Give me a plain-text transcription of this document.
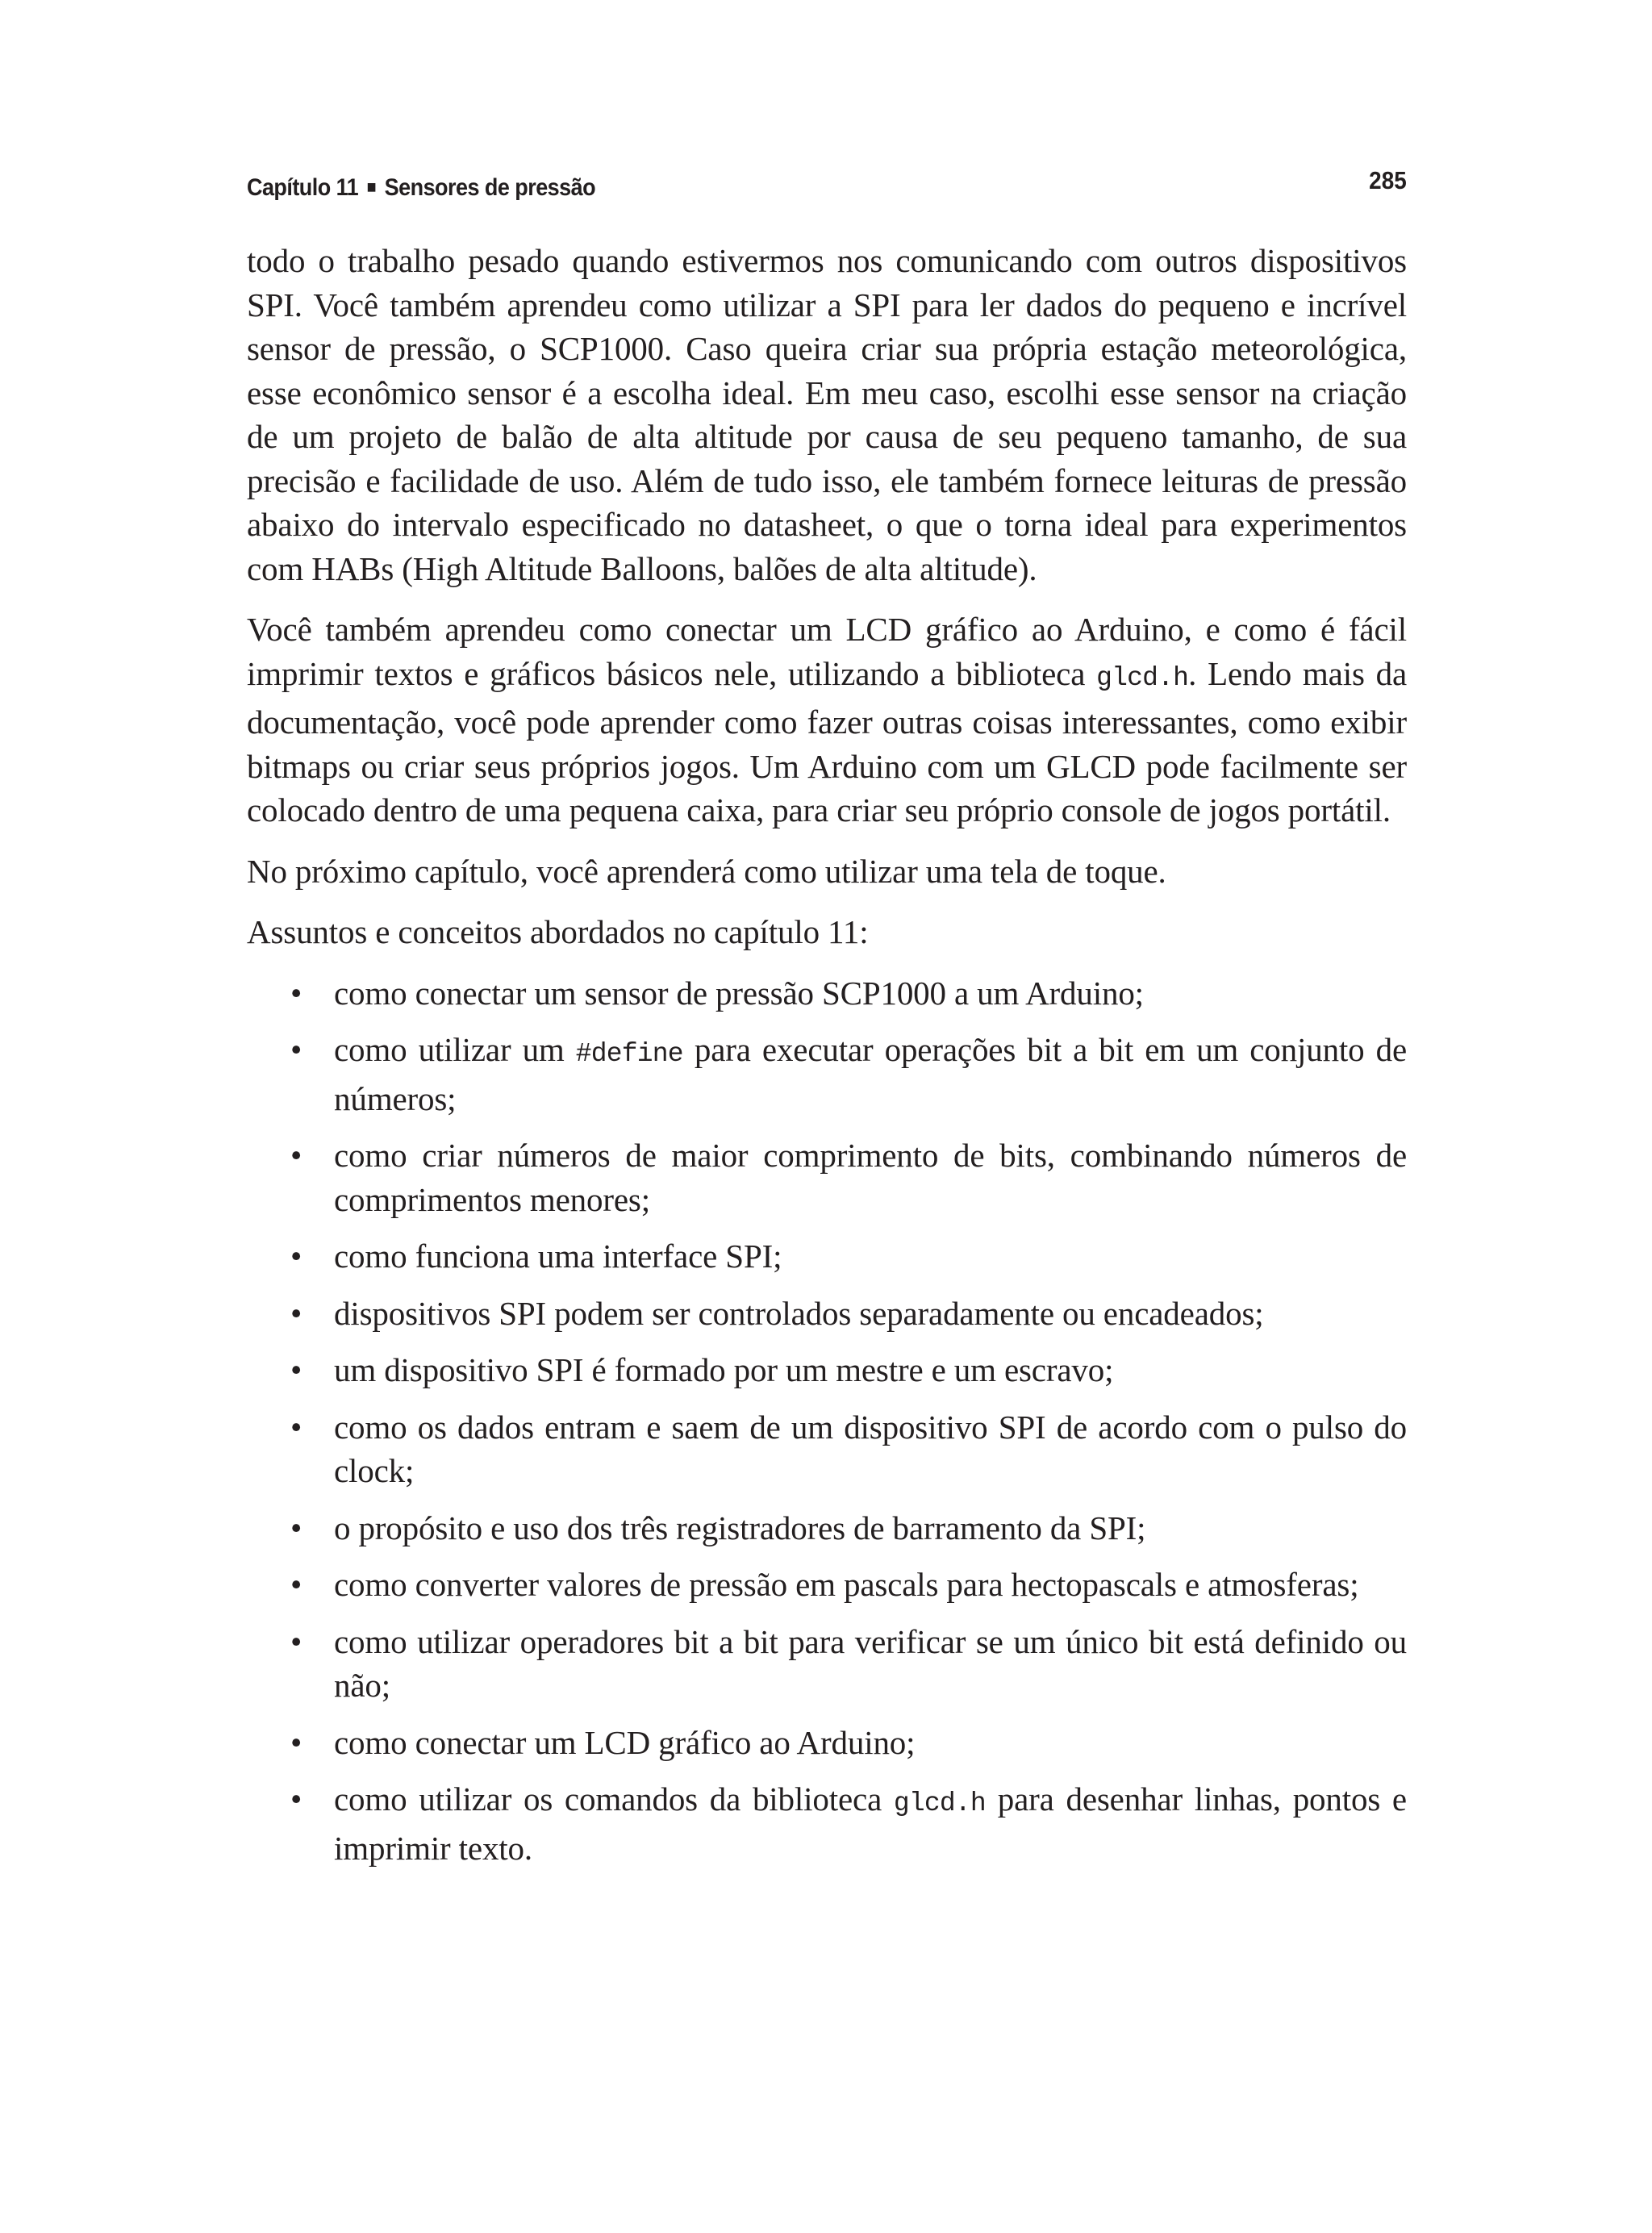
Capítulo 11 ■ Sensores de pressão	285

todo o trabalho pesado quando estivermos nos comunicando com outros dispositivos SPI. Você também aprendeu como utilizar a SPI para ler dados do pequeno e incrível sensor de pressão, o SCP1000. Caso queira criar sua própria estação meteorológica, esse econômico sensor é a escolha ideal. Em meu caso, escolhi esse sensor na criação de um projeto de balão de alta altitude por causa de seu pequeno tamanho, de sua precisão e facilidade de uso. Além de tudo isso, ele também fornece leituras de pressão abaixo do intervalo especificado no datasheet, o que o torna ideal para experimentos com HABs (High Altitude Balloons, balões de alta altitude).

Você também aprendeu como conectar um LCD gráfico ao Arduino, e como é fácil imprimir textos e gráficos básicos nele, utilizando a biblioteca glcd.h. Lendo mais da documentação, você pode aprender como fazer outras coisas interessantes, como exibir bitmaps ou criar seus próprios jogos. Um Arduino com um GLCD pode facilmente ser colocado dentro de uma pequena caixa, para criar seu próprio console de jogos portátil.

No próximo capítulo, você aprenderá como utilizar uma tela de toque.

Assuntos e conceitos abordados no capítulo 11:

• como conectar um sensor de pressão SCP1000 a um Arduino;
• como utilizar um #define para executar operações bit a bit em um conjunto de números;
• como criar números de maior comprimento de bits, combinando números de comprimentos menores;
• como funciona uma interface SPI;
• dispositivos SPI podem ser controlados separadamente ou encadeados;
• um dispositivo SPI é formado por um mestre e um escravo;
• como os dados entram e saem de um dispositivo SPI de acordo com o pulso do clock;
• o propósito e uso dos três registradores de barramento da SPI;
• como converter valores de pressão em pascals para hectopascals e atmosferas;
• como utilizar operadores bit a bit para verificar se um único bit está definido ou não;
• como conectar um LCD gráfico ao Arduino;
• como utilizar os comandos da biblioteca glcd.h para desenhar linhas, pontos e imprimir texto.
